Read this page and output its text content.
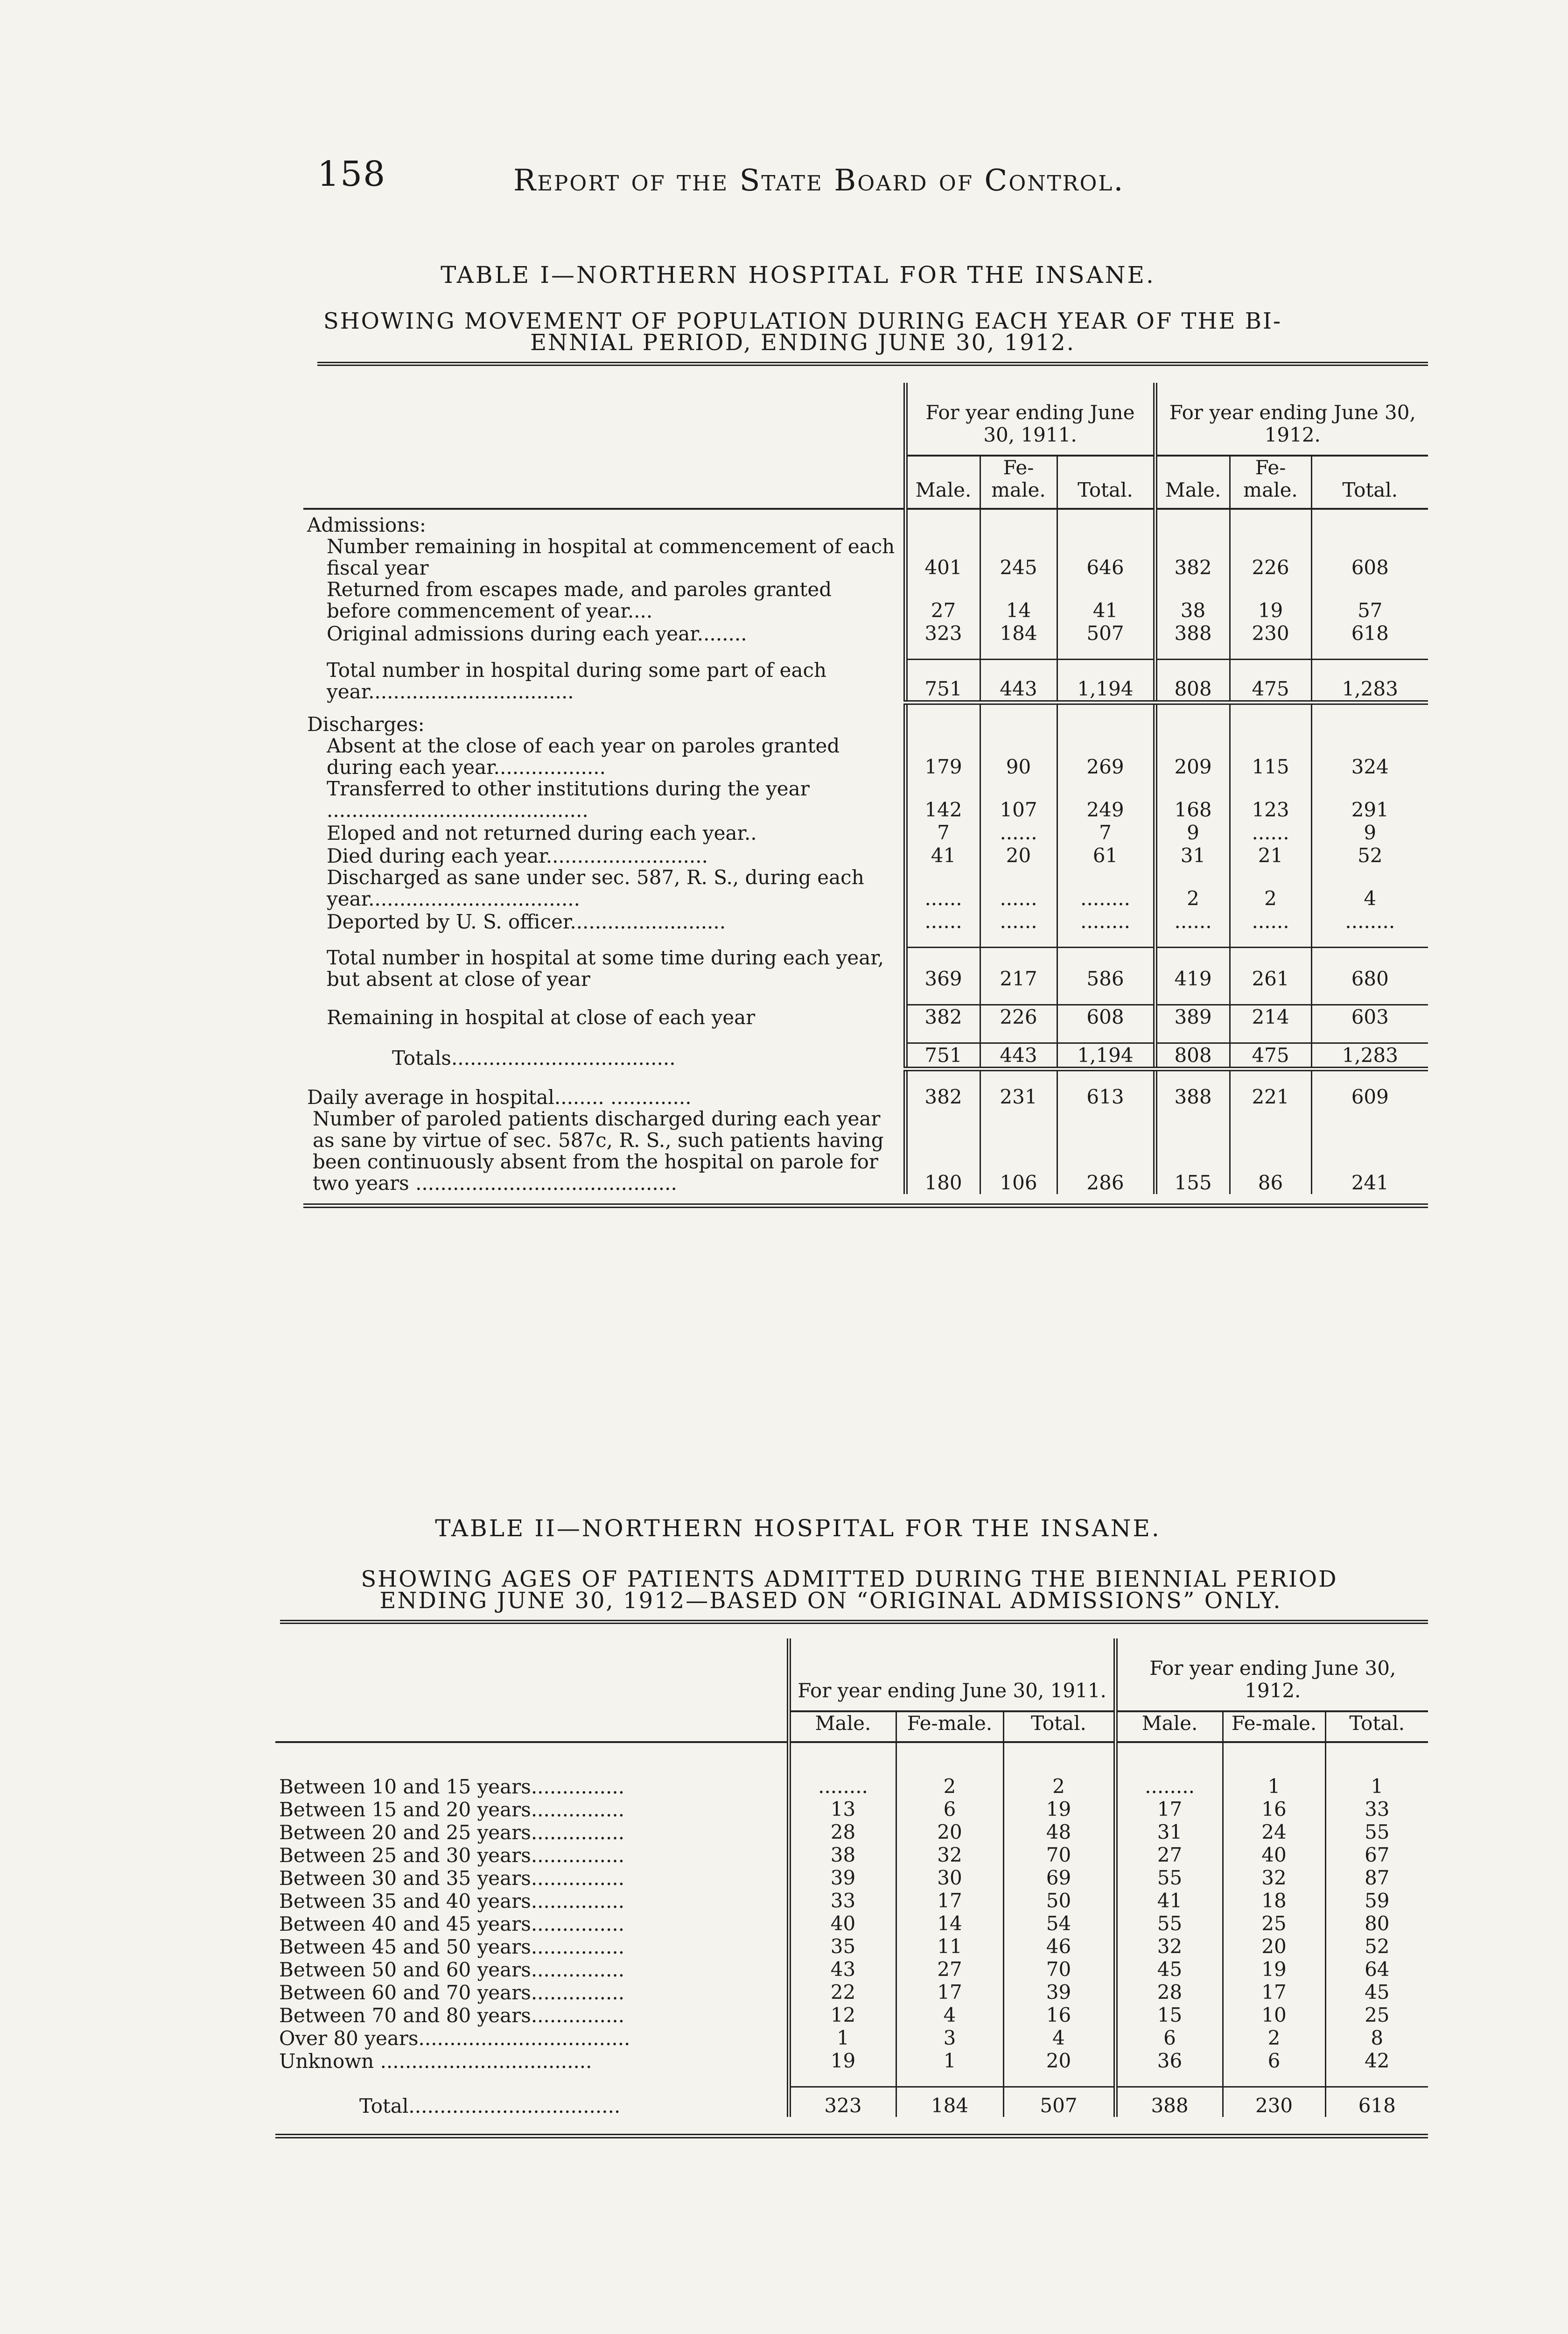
158	Report of the State Board of Control.
TABLE I—NORTHERN HOSPITAL FOR THE INSANE.
SHOWING MOVEMENT OF POPULATION DURING EACH YEAR OF THE BI-
ENNIAL PERIOD, ENDING JUNE 30, 1912.
	For year ending June 30, 1911.			For year ending June 30, 1912.		
	Male.	Fe-male.	Total.	Male.	Fe-male.	Total.
Admissions:						
Number remaining in hospital at commencement of each fiscal year	401	245	646	382	226	608
Returned from escapes made, and paroles granted before commencement of year....	27	14	41	38	19	57
Original admissions during each year........	323	184	507	388	230	618

Total number in hospital during some part of each year.................................	751	443	1,194	808	475	1,283
Discharges:						
Absent at the close of each year on paroles granted during each year..................	179	90	269	209	115	324
Transferred to other institutions during the year ..........................................	142	107	249	168	123	291
Eloped and not returned during each year..	7	......	7	9	......	9
Died during each year..........................	41	20	61	31	21	52
Discharged as sane under sec. 587, R. S., during each year..................................	......	......	........	2	2	4
Deported by U. S. officer.........................	......	......	........	......	......	........

Total number in hospital at some time during each year, but absent at close of year	369	217	586	419	261	680

Remaining in hospital at close of each year	382	226	608	389	214	603

Totals....................................	751	443	1,194	808	475	1,283

Daily average in hospital........ .............	382	231	613	388	221	609
Number of paroled patients discharged during each year as sane by virtue of sec. 587c, R. S., such patients having been continuously absent from the hospital on parole for two years ..........................................	180	106	286	155	86	241

TABLE II—NORTHERN HOSPITAL FOR THE INSANE.
SHOWING AGES OF PATIENTS ADMITTED DURING THE BIENNIAL PERIOD
ENDING JUNE 30, 1912—BASED ON “ORIGINAL ADMISSIONS” ONLY.
	For year ending June 30, 1911.			For year ending June 30, 1912.		
	Male.	Fe-male.	Total.	Male.	Fe-male.	Total.

Between 10 and 15 years...............	........	2	2	........	1	1
Between 15 and 20 years...............	13	6	19	17	16	33
Between 20 and 25 years...............	28	20	48	31	24	55
Between 25 and 30 years...............	38	32	70	27	40	67
Between 30 and 35 years...............	39	30	69	55	32	87
Between 35 and 40 years...............	33	17	50	41	18	59
Between 40 and 45 years...............	40	14	54	55	25	80
Between 45 and 50 years...............	35	11	46	32	20	52
Between 50 and 60 years...............	43	27	70	45	19	64
Between 60 and 70 years...............	22	17	39	28	17	45
Between 70 and 80 years...............	12	4	16	15	10	25
Over 80 years..................................	1	3	4	6	2	8
Unknown ..................................	19	1	20	36	6	42

Total..................................	323	184	507	388	230	618
